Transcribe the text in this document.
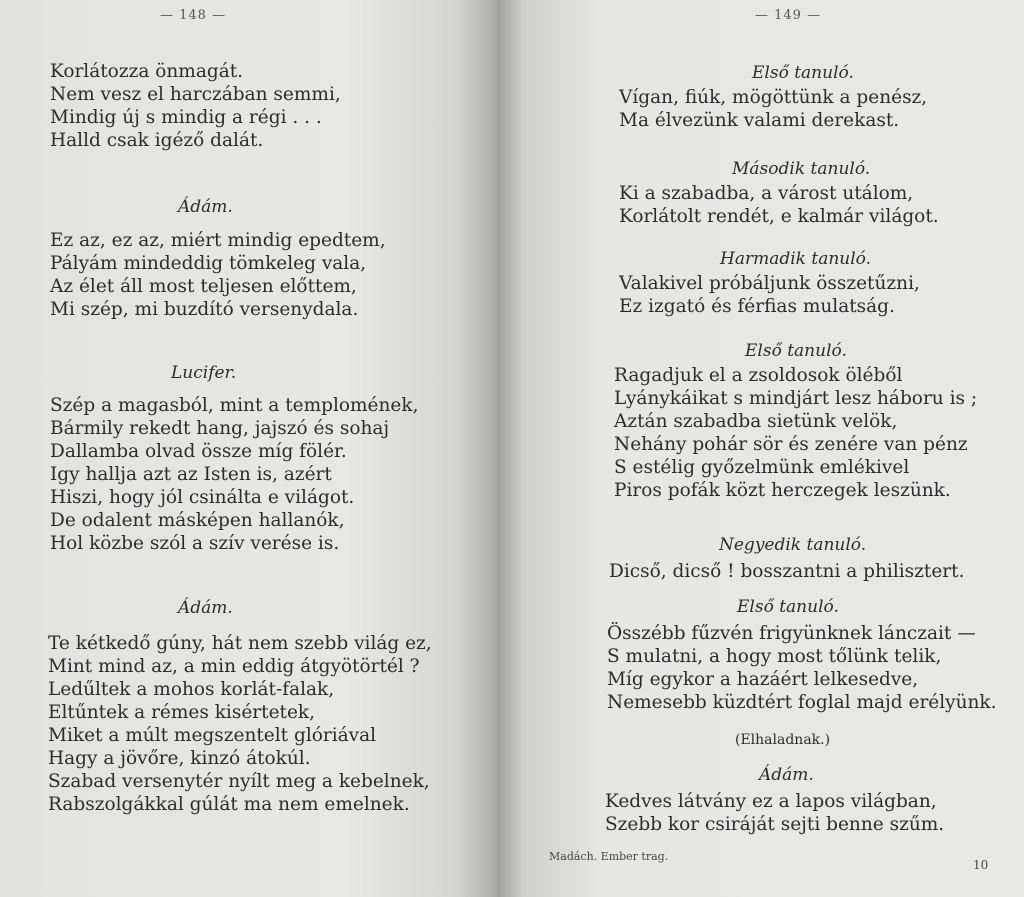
— 148 —
Korlátozza önmagát.
Nem vesz el harczában semmi,
Mindig új s mindig a régi . . .
Halld csak igéző dalát.
Ádám.
Ez az, ez az, miért mindig epedtem,
Pályám mindeddig tömkeleg vala,
Az élet áll most teljesen előttem,
Mi szép, mi buzdító versenydala.
Lucifer.
Szép a magasból, mint a templomének,
Bármily rekedt hang, jajszó és sohaj
Dallamba olvad össze míg fölér.
Igy hallja azt az Isten is, azért
Hiszi, hogy jól csinálta e világot.
De odalent másképen hallanók,
Hol közbe szól a szív verése is.
Ádám.
Te kétkedő gúny, hát nem szebb világ ez,
Mint mind az, a min eddig átgyötörtél ?
Ledűltek a mohos korlát-falak,
Eltűntek a rémes kisértetek,
Miket a múlt megszentelt glóriával
Hagy a jövőre, kinzó átokúl.
Szabad versenytér nyílt meg a kebelnek,
Rabszolgákkal gúlát ma nem emelnek.
— 149 —
Első tanuló.
Vígan, fiúk, mögöttünk a penész,
Ma élvezünk valami derekast.
Második tanuló.
Ki a szabadba, a várost utálom,
Korlátolt rendét, e kalmár világot.
Harmadik tanuló.
Valakivel próbáljunk összetűzni,
Ez izgató és férfias mulatság.
Első tanuló.
Ragadjuk el a zsoldosok öléből
Lyánykáikat s mindjárt lesz háboru is ;
Aztán szabadba sietünk velök,
Nehány pohár sör és zenére van pénz
S estélig győzelmünk emlékivel
Piros pofák közt herczegek leszünk.
Negyedik tanuló.
Dicső, dicső ! bosszantni a philisztert.
Első tanuló.
Összébb fűzvén frigyünknek lánczait —
S mulatni, a hogy most tőlünk telik,
Míg egykor a hazáért lelkesedve,
Nemesebb küzdtért foglal majd erélyünk.
(Elhaladnak.)
Ádám.
Kedves látvány ez a lapos világban,
Szebb kor csiráját sejti benne szűm.
Madách. Ember trag.
10
